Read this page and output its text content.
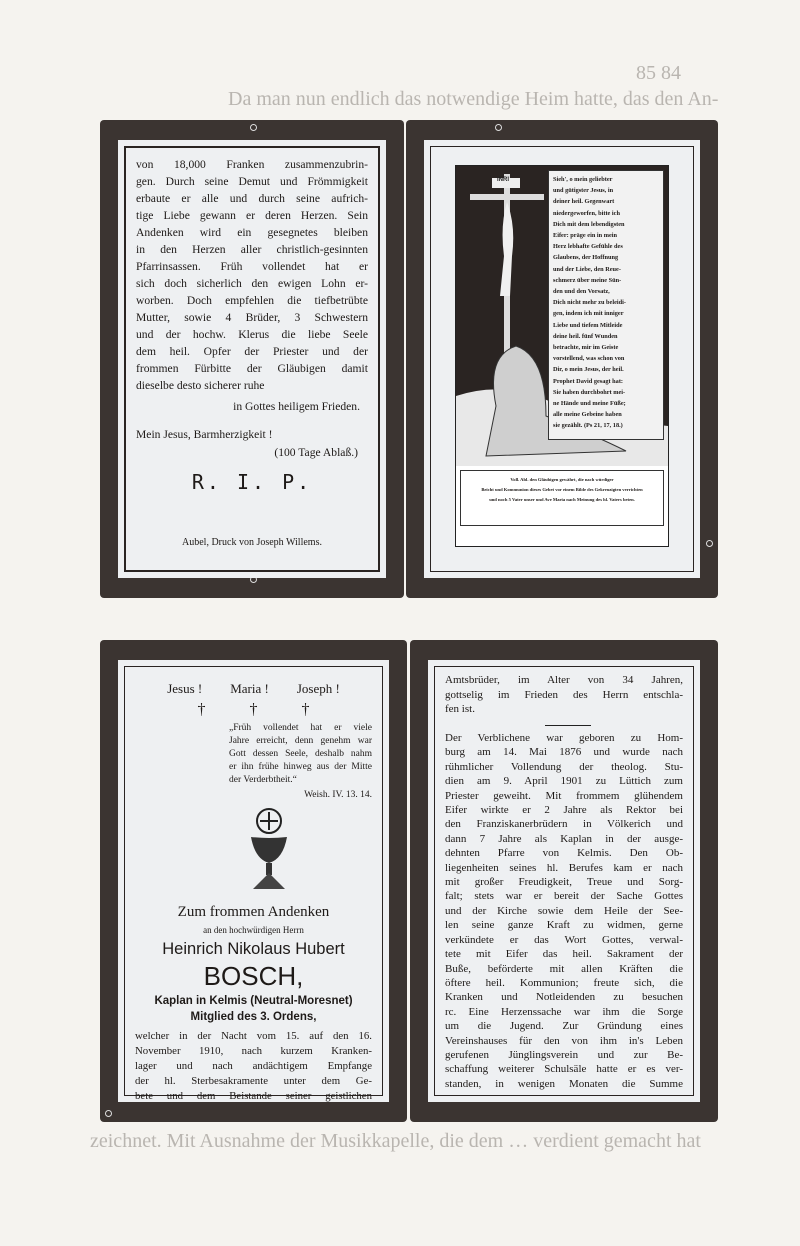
85 84
Da man nun endlich das notwendige Heim hatte, das den An-
zeichnet. Mit Ausnahme der Musikkapelle, die dem … verdient gemacht hat
von 18,000 Franken zusammenzubrin-
gen. Durch seine Demut und Frömmigkeit
erbaute er alle und durch seine aufrich-
tige Liebe gewann er deren Herzen. Sein
Andenken wird ein gesegnetes bleiben
in den Herzen aller christlich-gesinnten
Pfarrinsassen. Früh vollendet hat er
sich doch sicherlich den ewigen Lohn er-
worben. Doch empfehlen die tiefbetrübte
Mutter, sowie 4 Brüder, 3 Schwestern
und der hochw. Klerus die liebe Seele
dem heil. Opfer der Priester und der
frommen Fürbitte der Gläubigen damit
dieselbe desto sicherer ruhe
in Gottes heiligem Frieden.
Mein Jesus, Barmherzigkeit !
(100 Tage Ablaß.)
R. I. P.
Aubel, Druck von Joseph Willems.
INRI	Sieh', o mein geliebter
und gütigster Jesus, in
deiner heil. Gegenwart
niedergeworfen, bitte ich
Dich mit dem lebendigsten
Eifer: präge ein in mein
Herz lebhafte Gefühle des
Glaubens, der Hoffnung
und der Liebe, den Reue-
schmerz über meine Sün-
den und den Vorsatz,
Dich nicht mehr zu beleidi-
gen, indem ich mit inniger
Liebe und tiefem Mitleide
deine heil. fünf Wunden
betrachte, mir im Geiste
vorstellend, was schon von
Dir, o mein Jesus, der heil.
Prophet David gesagt hat:
Sie haben durchbohrt mei-
ne Hände und meine Füße;
alle meine Gebeine haben
sie gezählt. (Ps 21, 17, 18.)
Voll. Abl. den Gläubigen gewährt, die nach würdiger
Beicht und Kommunion dieses Gebet vor einem Bilde des Gekreuzigten verrichten
und noch 5 Vater unser und Ave Maria nach Meinung des hl. Vaters beten.
Jesus ! Maria ! Joseph !
†	†	†
„Früh vollendet hat er viele
Jahre erreicht, denn genehm war
Gott dessen Seele, deshalb nahm
er ihn frühe hinweg aus der Mitte
der Verderbtheit.“
Weish. IV. 13. 14.
Zum frommen Andenken
an den hochwürdigen Herrn
Heinrich Nikolaus Hubert
BOSCH,
Kaplan in Kelmis (Neutral-Moresnet)
Mitglied des 3. Ordens,
welcher in der Nacht vom 15. auf den 16.
November 1910, nach kurzem Kranken-
lager und nach andächtigem Empfange
der hl. Sterbesakramente unter dem Ge-
bete und dem Beistande seiner geistlichen
Amtsbrüder, im Alter von 34 Jahren,
gottselig im Frieden des Herrn entschla-
fen ist.
Der Verblichene war geboren zu Hom-
burg am 14. Mai 1876 und wurde nach
rühmlicher Vollendung der theolog. Stu-
dien am 9. April 1901 zu Lüttich zum
Priester geweiht. Mit frommem glühendem
Eifer wirkte er 2 Jahre als Rektor bei
den Franziskanerbrüdern in Völkerich und
dann 7 Jahre als Kaplan in der ausge-
dehnten Pfarre von Kelmis. Den Ob-
liegenheiten seines hl. Berufes kam er nach
mit großer Freudigkeit, Treue und Sorg-
falt; stets war er bereit der Sache Gottes
und der Kirche sowie dem Heile der See-
len seine ganze Kraft zu widmen, gerne
verkündete er das Wort Gottes, verwal-
tete mit Eifer das heil. Sakrament der
Buße, beförderte mit allen Kräften die
öftere heil. Kommunion; freute sich, die
Kranken und Notleidenden zu besuchen
rc. Eine Herzenssache war ihm die Sorge
um die Jugend. Zur Gründung eines
Vereinshauses für den von ihm in's Leben
gerufenen Jünglingsverein und zur Be-
schaffung weiterer Schulsäle hatte er es ver-
standen, in wenigen Monaten die Summe
